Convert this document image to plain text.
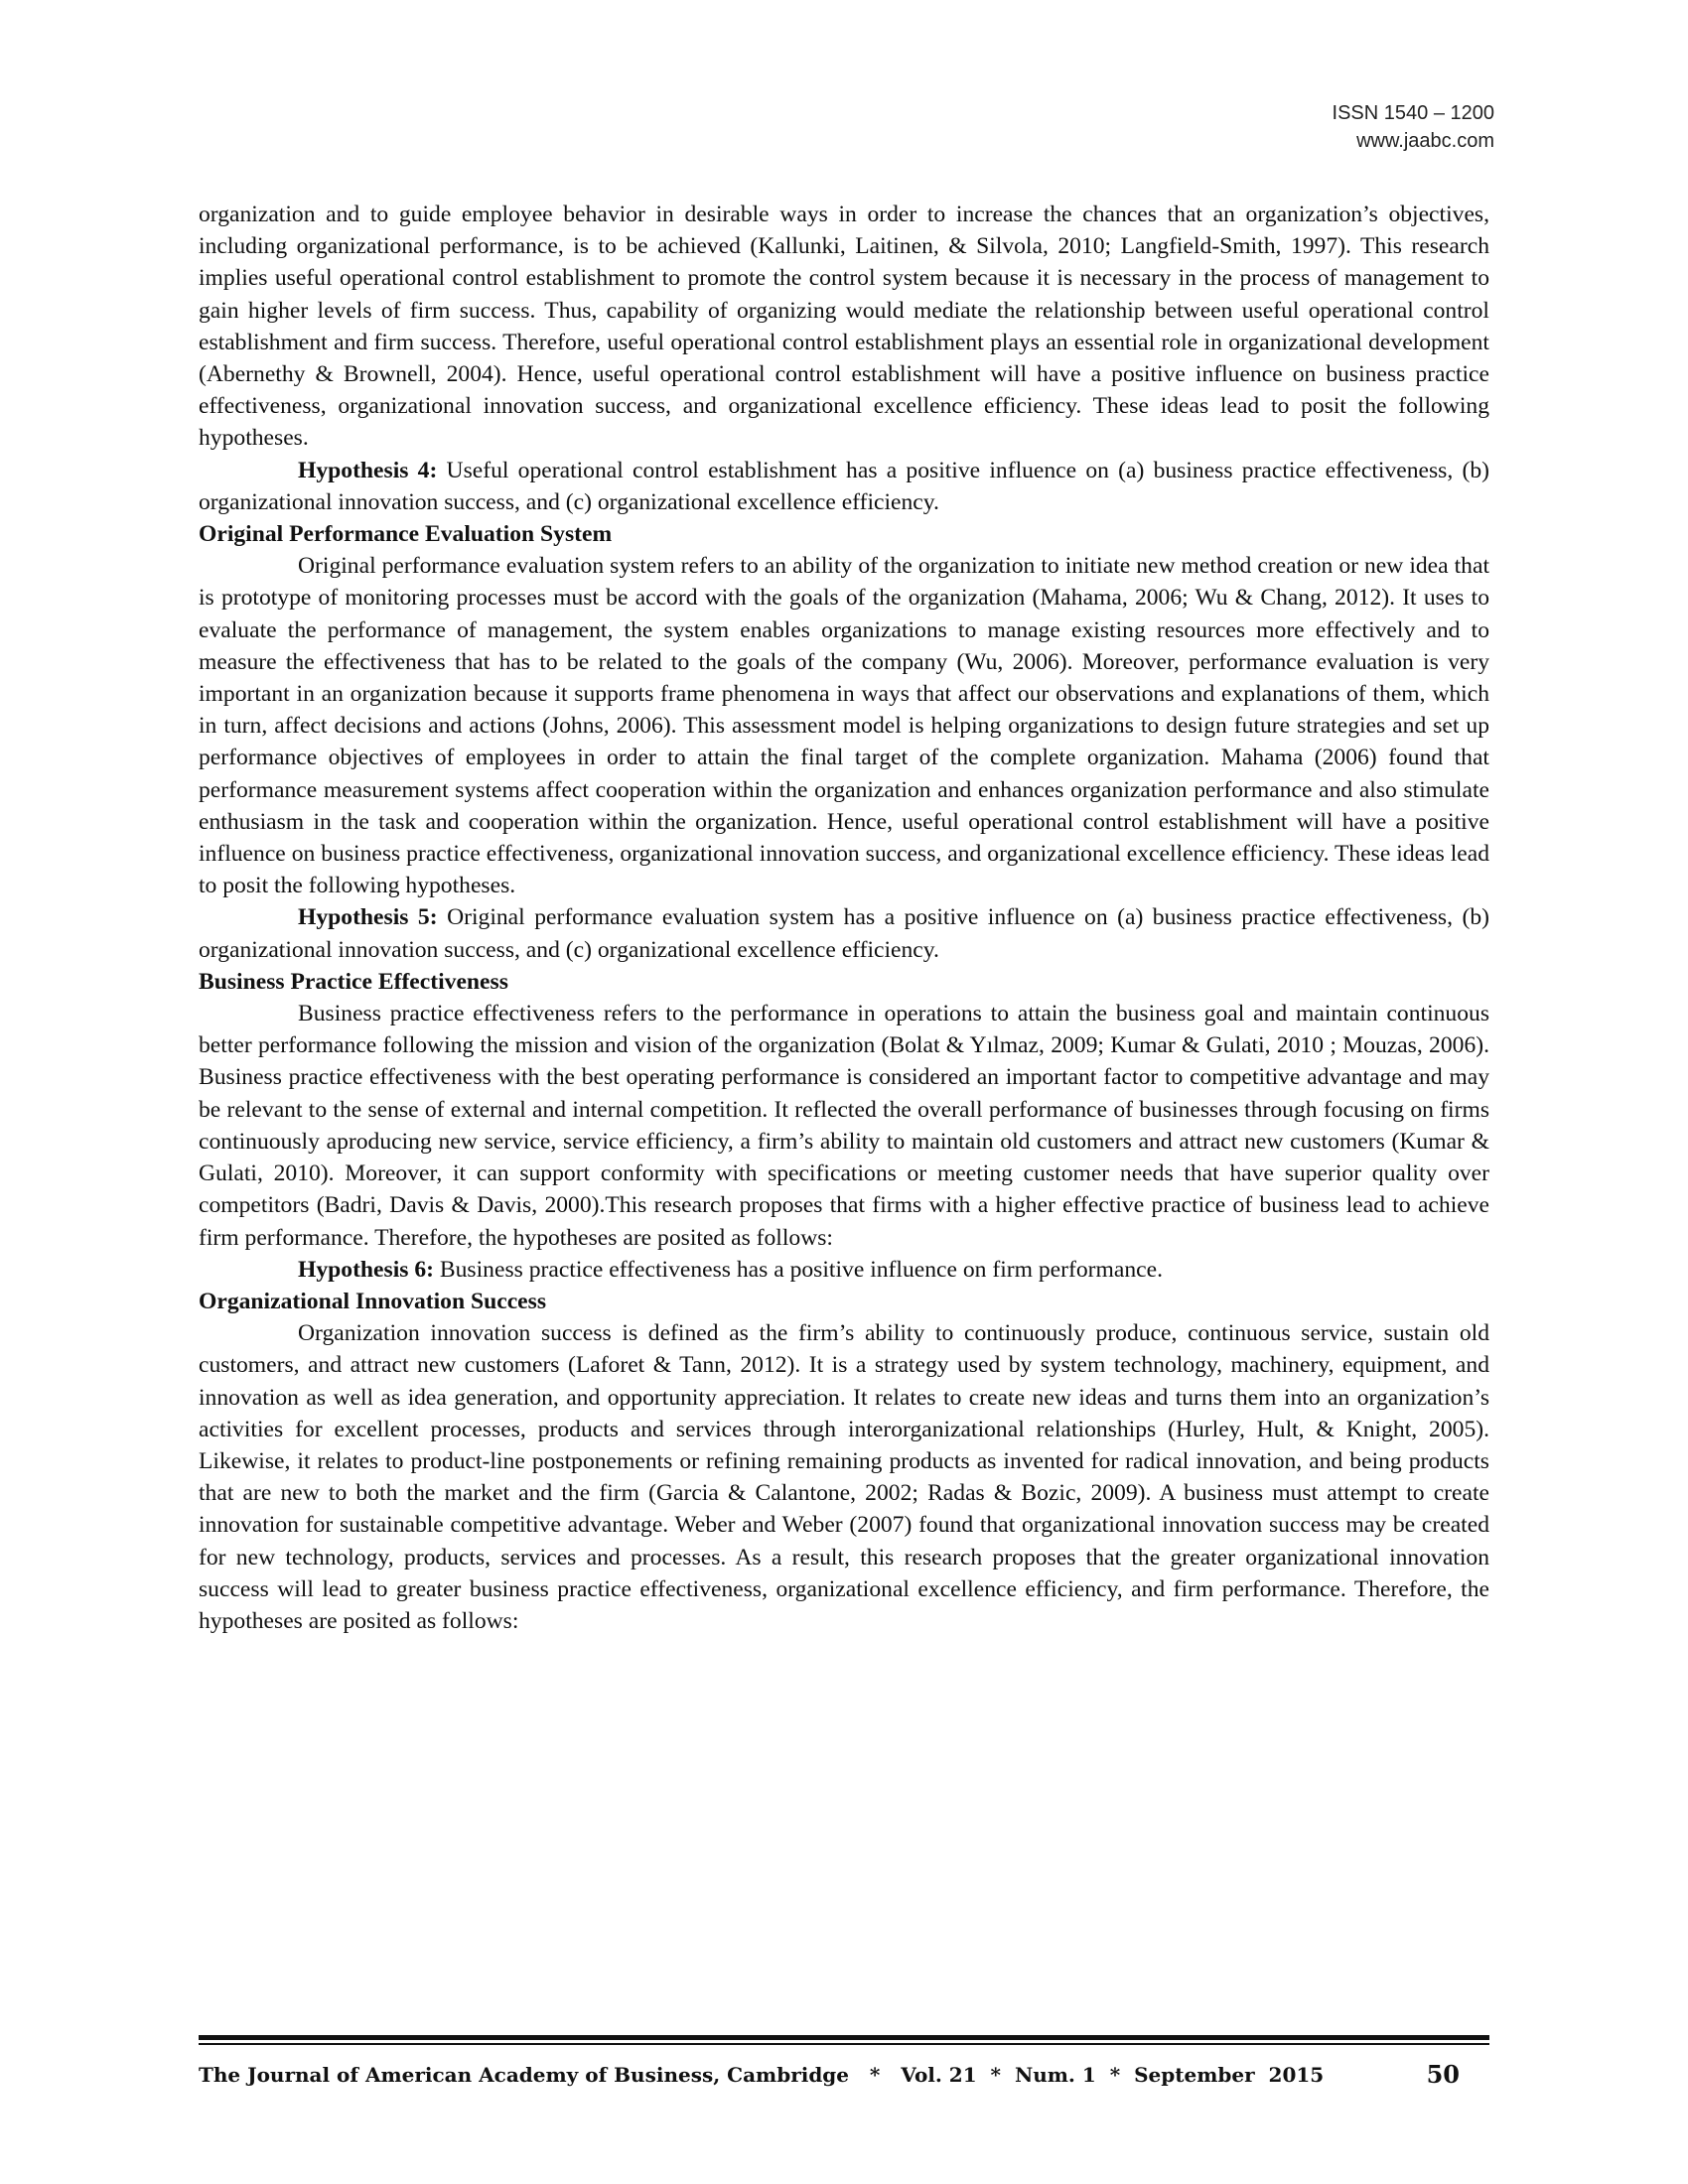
ISSN 1540 – 1200
www.jaabc.com

organization and to guide employee behavior in desirable ways in order to increase the chances that an organization’s objectives, including organizational performance, is to be achieved (Kallunki, Laitinen, & Silvola, 2010; Langfield-Smith, 1997). This research implies useful operational control establishment to promote the control system because it is necessary in the process of management to gain higher levels of firm success. Thus, capability of organizing would mediate the relationship between useful operational control establishment and firm success. Therefore, useful operational control establishment plays an essential role in organizational development (Abernethy & Brownell, 2004). Hence, useful operational control establishment will have a positive influence on business practice effectiveness, organizational innovation success, and organizational excellence efficiency. These ideas lead to posit the following hypotheses.

Hypothesis 4: Useful operational control establishment has a positive influence on (a) business practice effectiveness, (b) organizational innovation success, and (c) organizational excellence efficiency.

Original Performance Evaluation System

Original performance evaluation system refers to an ability of the organization to initiate new method creation or new idea that is prototype of monitoring processes must be accord with the goals of the organization (Mahama, 2006; Wu & Chang, 2012). It uses to evaluate the performance of management, the system enables organizations to manage existing resources more effectively and to measure the effectiveness that has to be related to the goals of the company (Wu, 2006). Moreover, performance evaluation is very important in an organization because it supports frame phenomena in ways that affect our observations and explanations of them, which in turn, affect decisions and actions (Johns, 2006). This assessment model is helping organizations to design future strategies and set up performance objectives of employees in order to attain the final target of the complete organization. Mahama (2006) found that performance measurement systems affect cooperation within the organization and enhances organization performance and also stimulate enthusiasm in the task and cooperation within the organization. Hence, useful operational control establishment will have a positive influence on business practice effectiveness, organizational innovation success, and organizational excellence efficiency. These ideas lead to posit the following hypotheses.

Hypothesis 5: Original performance evaluation system has a positive influence on (a) business practice effectiveness, (b) organizational innovation success, and (c) organizational excellence efficiency.

Business Practice Effectiveness

Business practice effectiveness refers to the performance in operations to attain the business goal and maintain continuous better performance following the mission and vision of the organization (Bolat & Yılmaz, 2009; Kumar & Gulati, 2010 ; Mouzas, 2006). Business practice effectiveness with the best operating performance is considered an important factor to competitive advantage and may be relevant to the sense of external and internal competition. It reflected the overall performance of businesses through focusing on firms continuously aproducing new service, service efficiency, a firm’s ability to maintain old customers and attract new customers (Kumar & Gulati, 2010). Moreover, it can support conformity with specifications or meeting customer needs that have superior quality over competitors (Badri, Davis & Davis, 2000).This research proposes that firms with a higher effective practice of business lead to achieve firm performance. Therefore, the hypotheses are posited as follows:

Hypothesis 6: Business practice effectiveness has a positive influence on firm performance.

Organizational Innovation Success

Organization innovation success is defined as the firm’s ability to continuously produce, continuous service, sustain old customers, and attract new customers (Laforet & Tann, 2012). It is a strategy used by system technology, machinery, equipment, and innovation as well as idea generation, and opportunity appreciation. It relates to create new ideas and turns them into an organization’s activities for excellent processes, products and services through interorganizational relationships (Hurley, Hult, & Knight, 2005). Likewise, it relates to product-line postponements or refining remaining products as invented for radical innovation, and being products that are new to both the market and the firm (Garcia & Calantone, 2002; Radas & Bozic, 2009). A business must attempt to create innovation for sustainable competitive advantage. Weber and Weber (2007) found that organizational innovation success may be created for new technology, products, services and processes. As a result, this research proposes that the greater organizational innovation success will lead to greater business practice effectiveness, organizational excellence efficiency, and firm performance. Therefore, the hypotheses are posited as follows:

The Journal of American Academy of Business, Cambridge   *   Vol. 21  *  Num. 1  *  September  2015	50
